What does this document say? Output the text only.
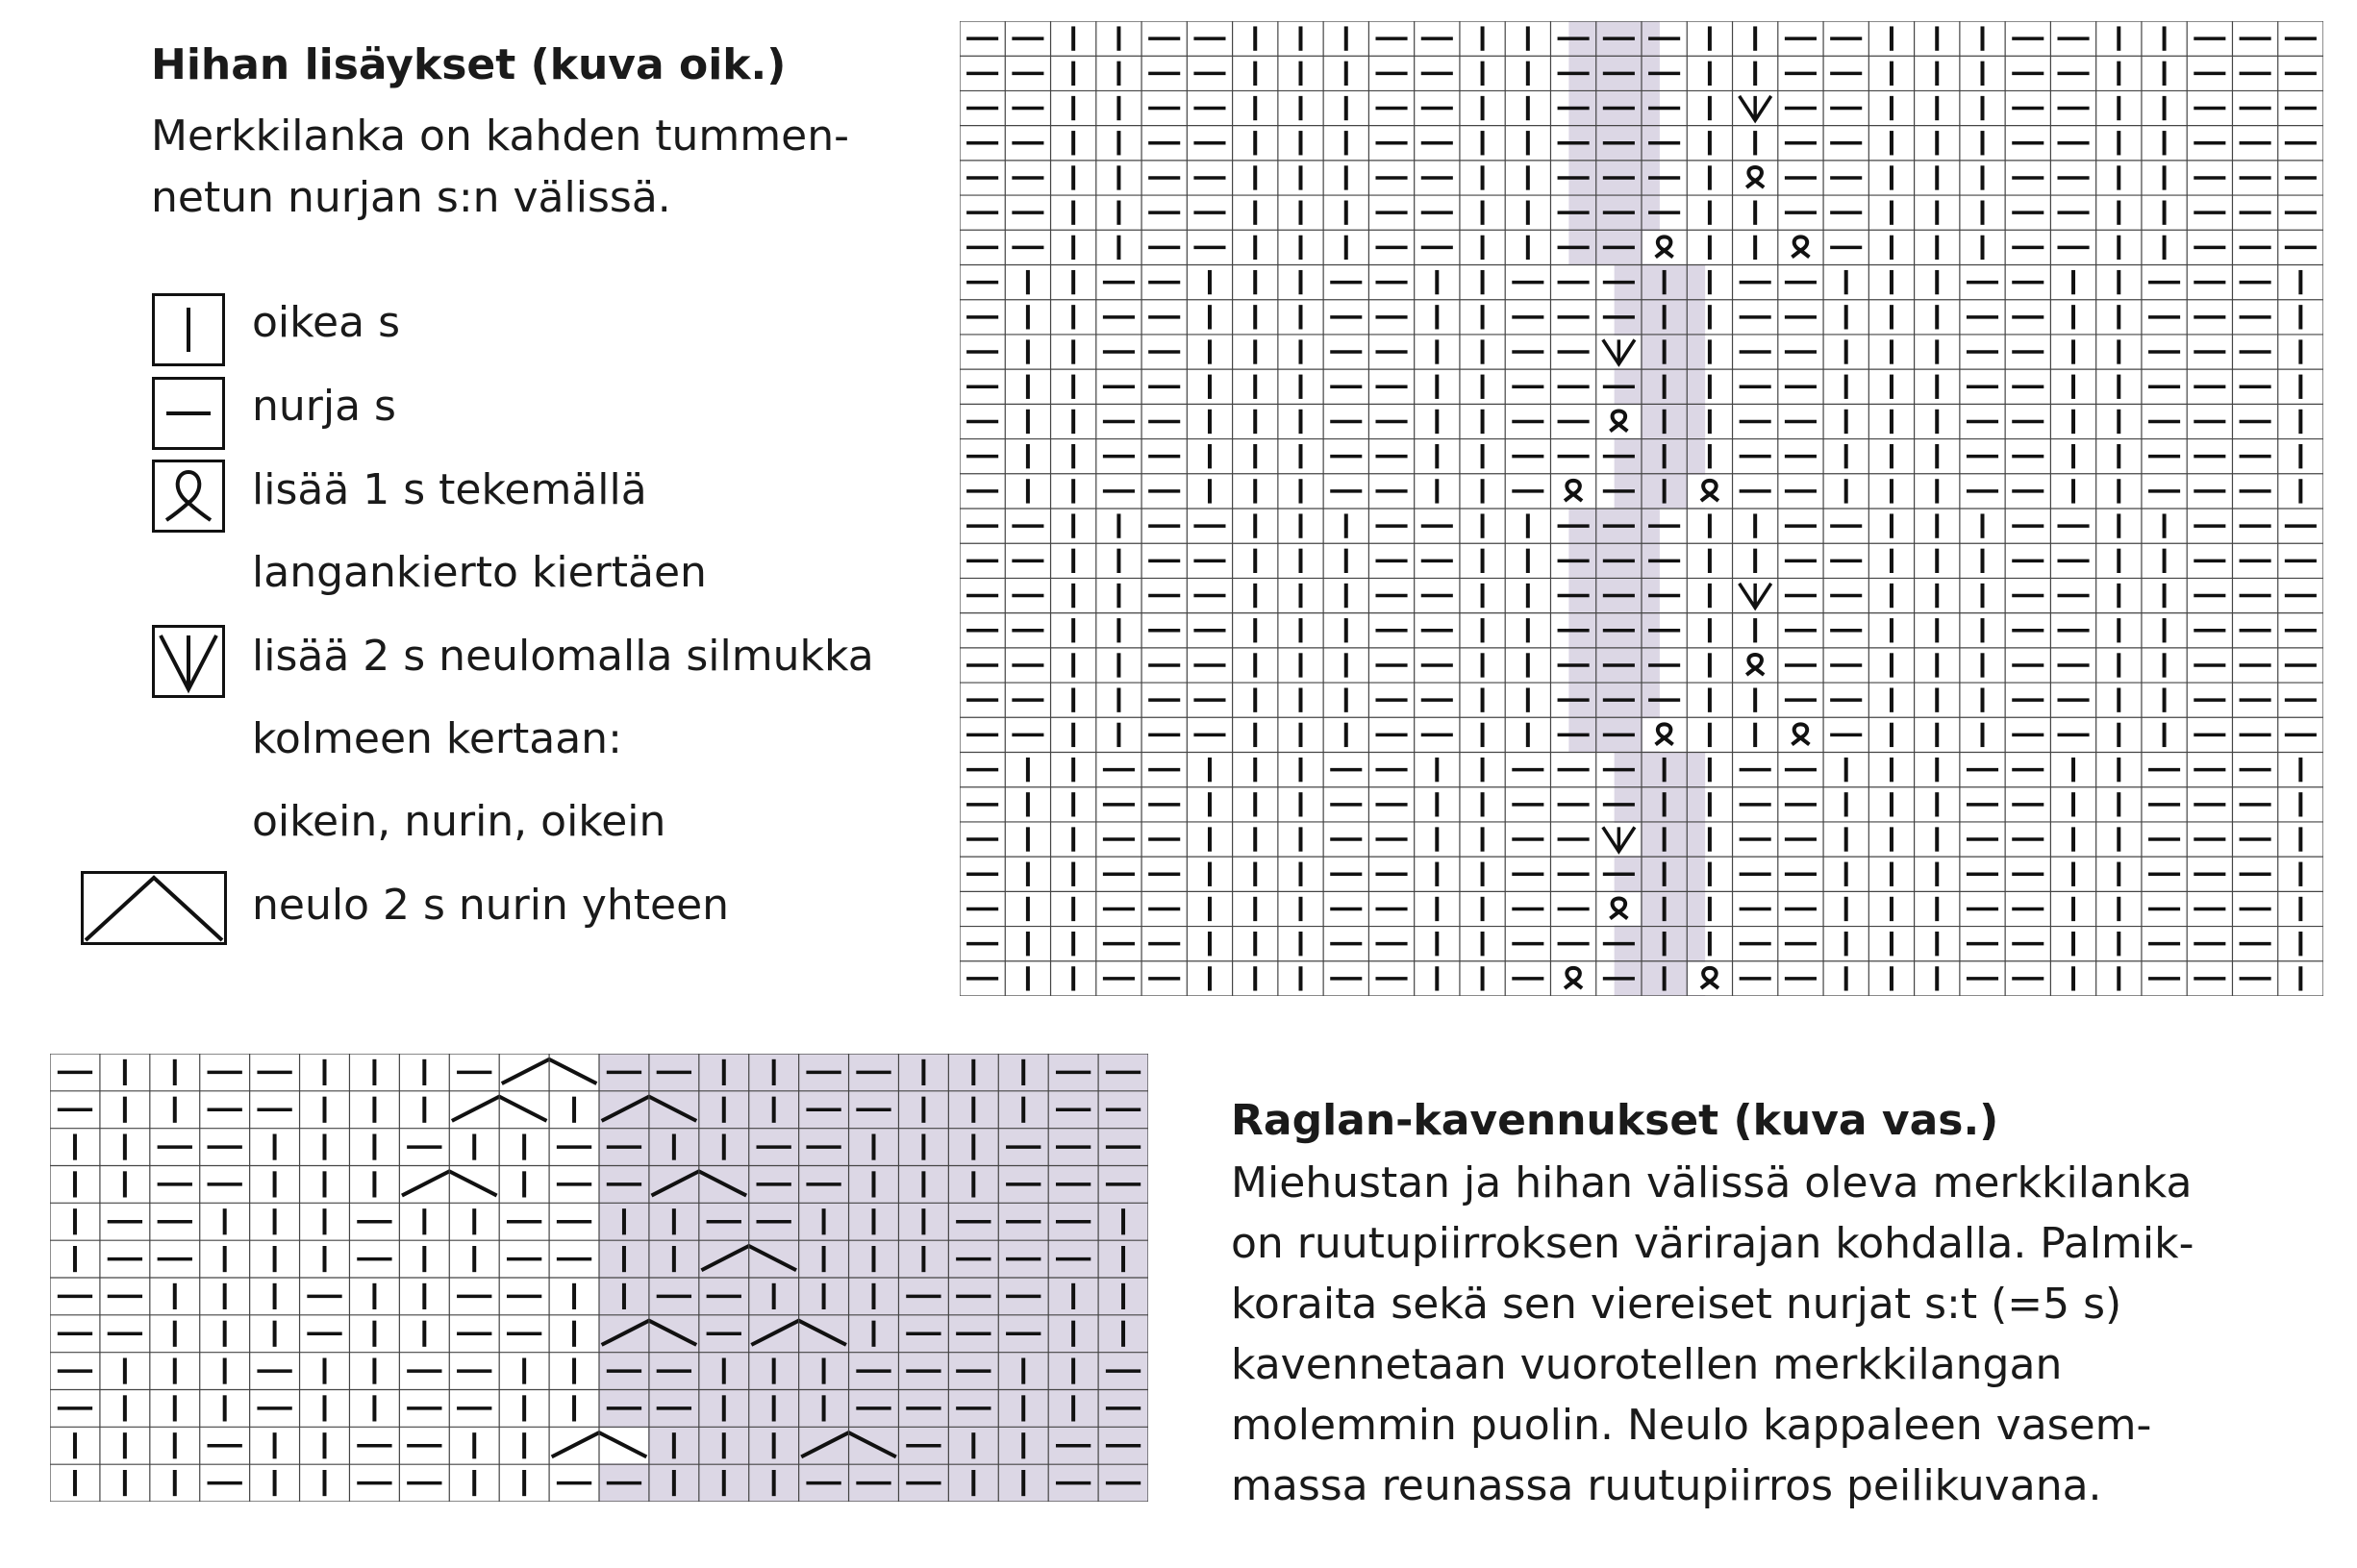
Hihan lisäykset (kuva oik.)

Merkkilanka on kahden tummen-

netun nurjan s:n välissä.

oikea s
nurja s
lisää 1 s tekemällä
langankierto kiertäen
lisää 2 s neulomalla silmukka
kolmeen kertaan:
oikein, nurin, oikein
neulo 2 s nurin yhteen

Raglan-kavennukset (kuva vas.)

Miehustan ja hihan välissä oleva merkkilanka

on ruutupiirroksen värirajan kohdalla. Palmik-

koraita sekä sen viereiset nurjat s:t (=5 s)

kavennetaan vuorotellen merkkilangan

molemmin puolin. Neulo kappaleen vasem-

massa reunassa ruutupiirros peilikuvana.
